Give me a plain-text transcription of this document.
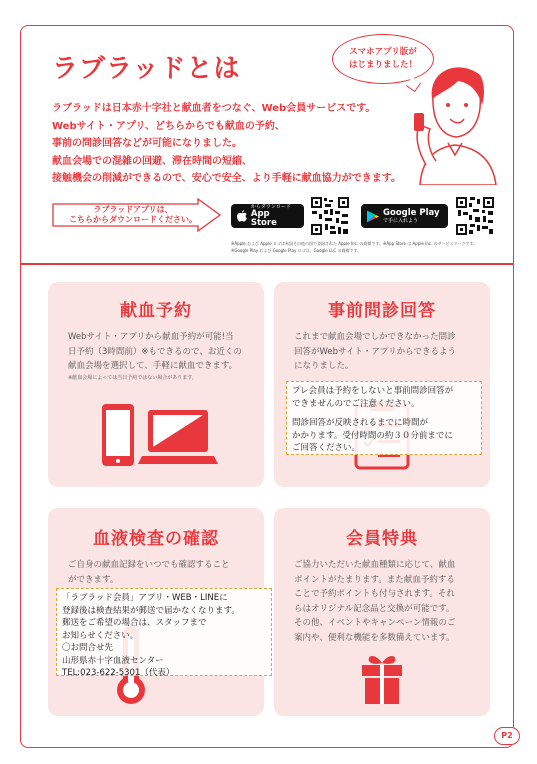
ラブラッドとは
スマホアプリ版が
はじまりました！

ラブラッドは日本赤十字社と献血者をつなぐ、Web会員サービスです。

Webサイト・アプリ、どちらからでも献血の予約、

事前の問診回答などが可能になりました。

献血会場での混雑の回避、滞在時間の短縮、

接触機会の削減ができるので、安心で安全、より手軽に献血協力ができます。

ラブラッドアプリは、
こちらからダウンロードください。
からダウンロード
App Store
Google Play
で手に入れよう

※Apple および Apple ロゴは米国その他の国で登録された Apple Inc. の商標です。※App Store は Apple Inc. のサービスマークです。

※Google Play および Google Play ロゴは、Google LLC の商標です。

献血予約
Webサイト・アプリから献血予約が可能!当
日予約（3時間前）※もできるので、お近くの
献血会場を選択して、手軽に献血できます。
※献血会場によっては当日予約ではない場合があります。
事前問診回答
これまで献血会場でしかできなかった問診
回答がWebサイト・アプリからできるよう
になりました。
血液検査の確認
ご自身の献血記録をいつでも確認すること
ができます。
会員特典
ご協力いただいた献血種類に応じて、献血
ポイントがたまります。また献血予約する
ことで予約ポイントも付与されます。それ
らはオリジナル記念品と交換が可能です。
その他、イベントやキャンペーン情報のご
案内や、便利な機能を多数備えています。
プレ会員は予約をしないと事前問診回答が
できませんのでご注意ください。
問診回答が反映されるまでに時間が
かかります。受付時間の約３０分前までに
ご回答ください。
「ラブラッド会員」アプリ・WEB・LINEに
登録後は検査結果が郵送で届かなくなります。
郵送をご希望の場合は、スタッフまで
お知らせください。
〇お問合せ先
山形県赤十字血液センター
TEL:023-622-5301（代表）
P2
